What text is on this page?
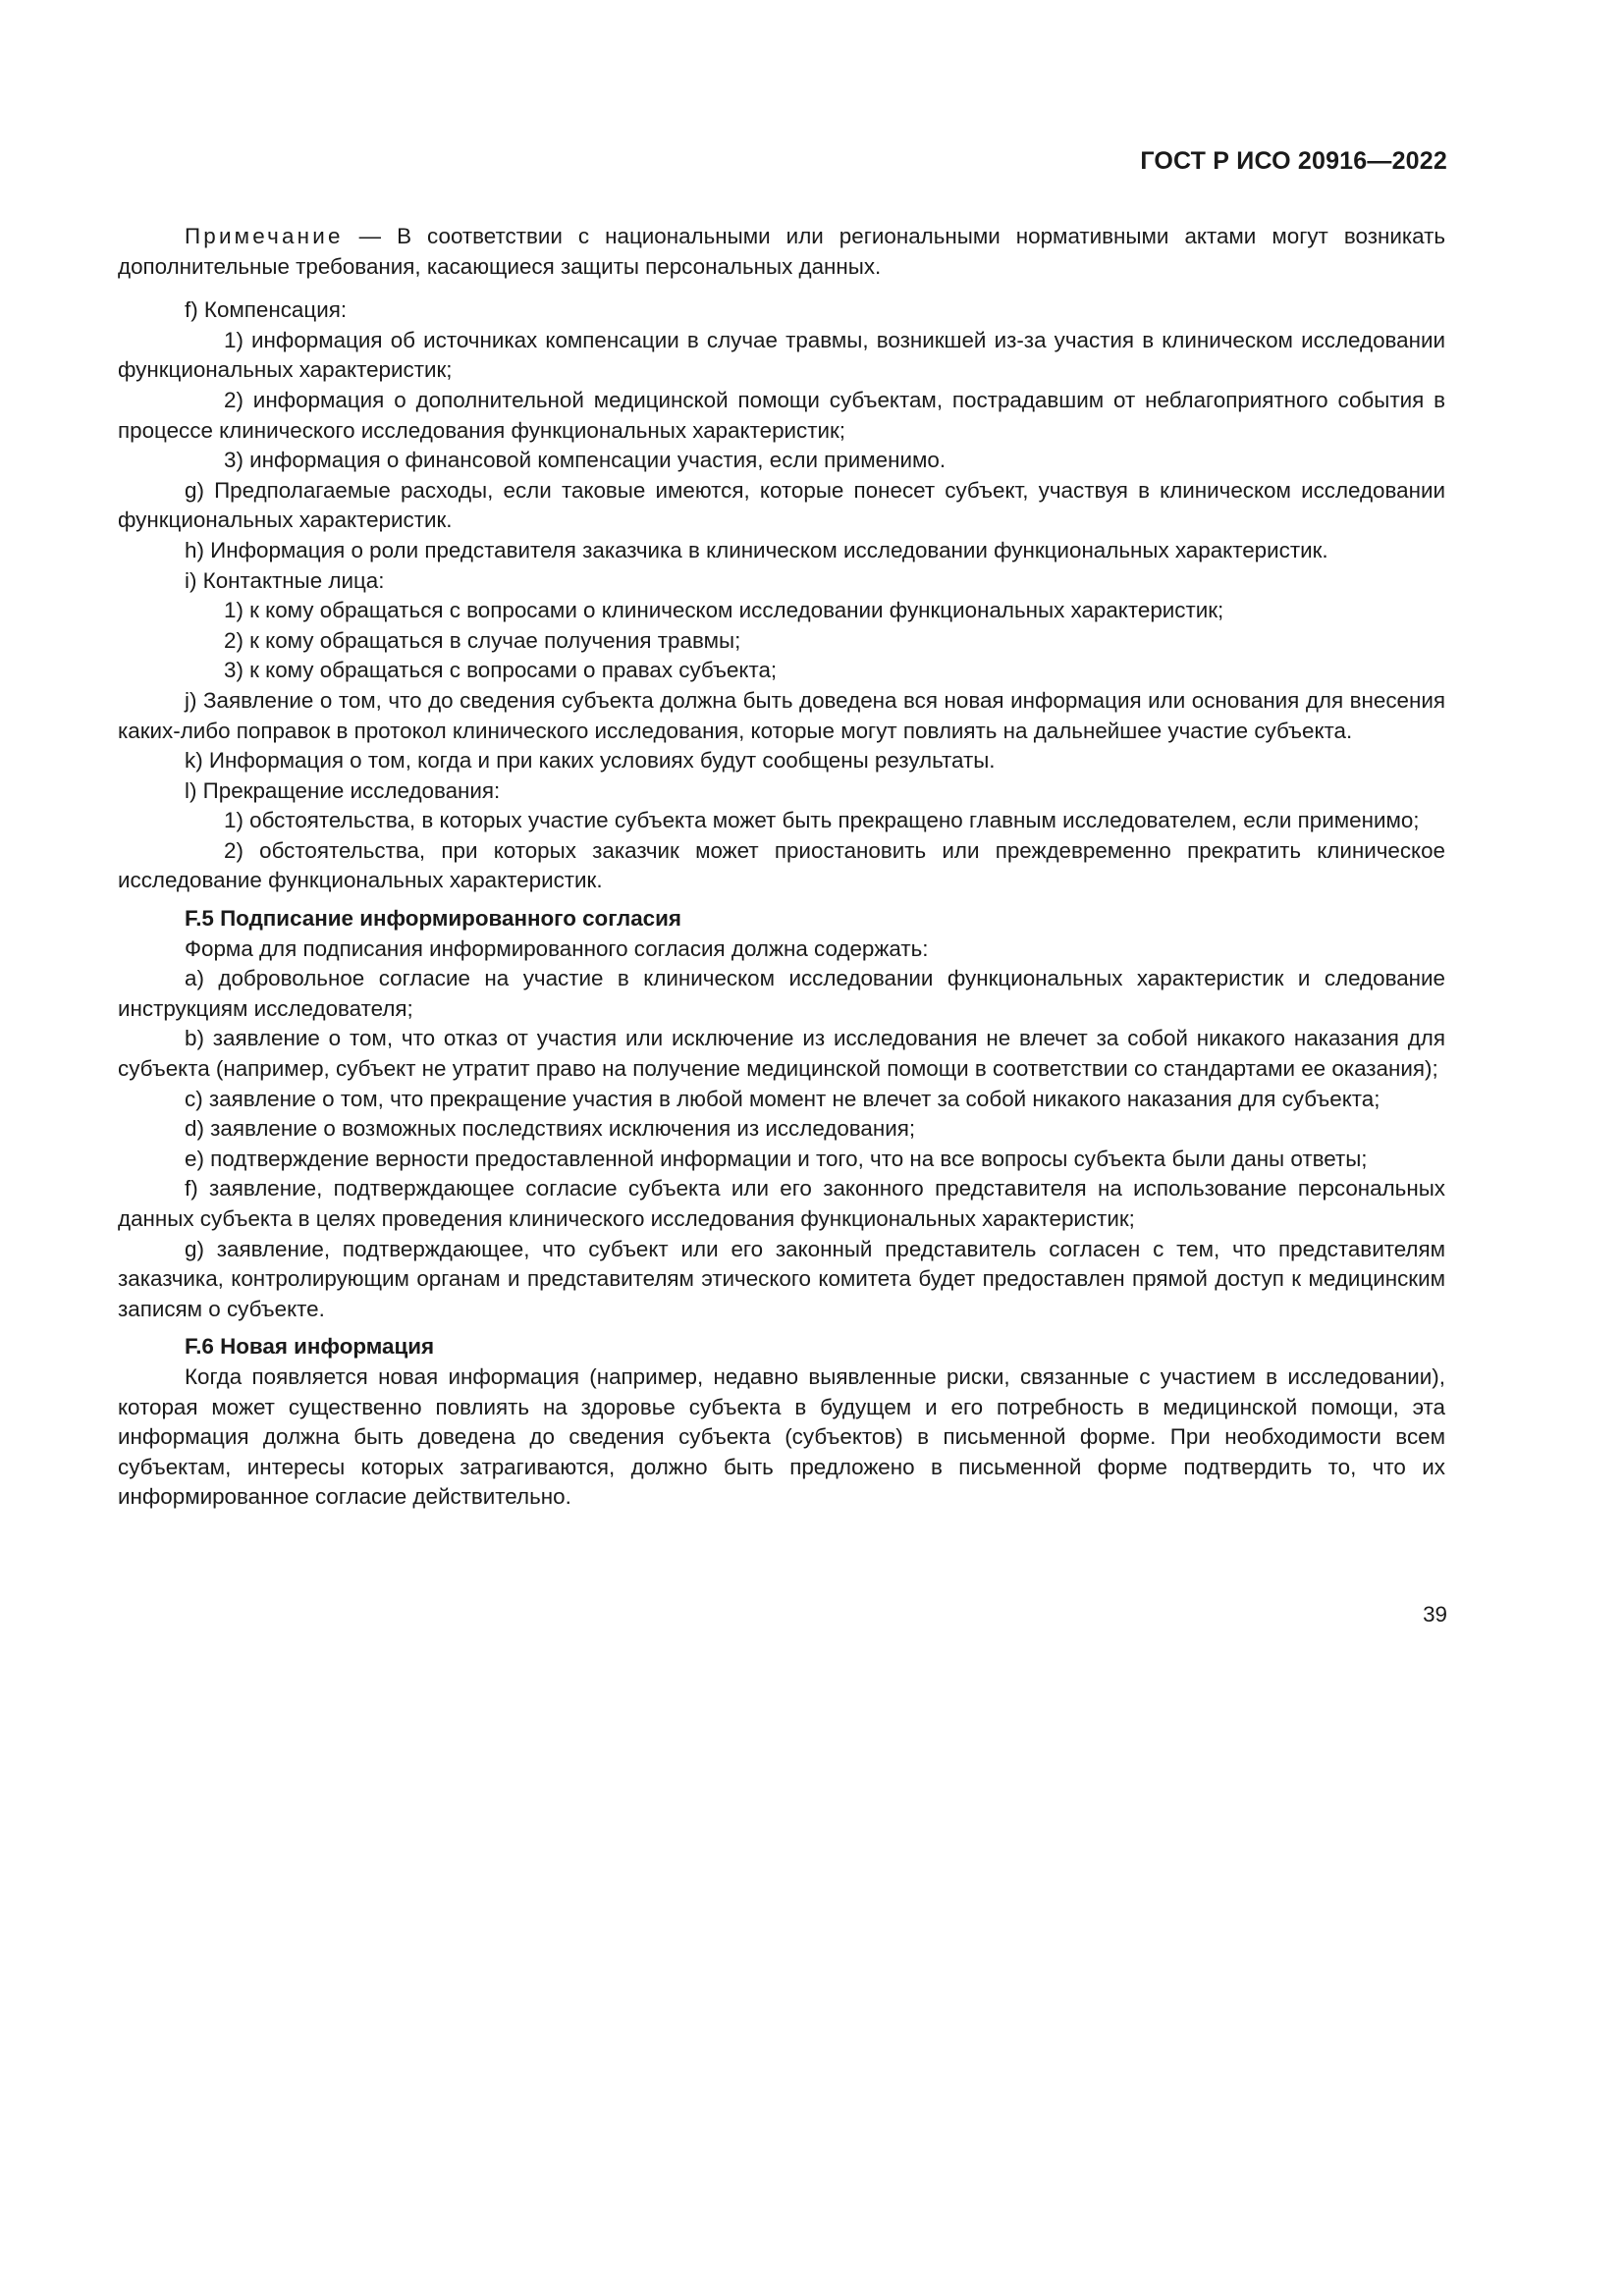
ГОСТ Р ИСО 20916—2022

Примечание — В соответствии с национальными или региональными нормативными актами могут возникать дополнительные требования, касающиеся защиты персональных данных.

f) Компенсация:

1) информация об источниках компенсации в случае травмы, возникшей из-за участия в клиническом исследовании функциональных характеристик;

2) информация о дополнительной медицинской помощи субъектам, пострадавшим от неблагоприятного события в процессе клинического исследования функциональных характеристик;

3) информация о финансовой компенсации участия, если применимо.

g) Предполагаемые расходы, если таковые имеются, которые понесет субъект, участвуя в клиническом исследовании функциональных характеристик.

h) Информация о роли представителя заказчика в клиническом исследовании функциональных характеристик.

i) Контактные лица:

1) к кому обращаться с вопросами о клиническом исследовании функциональных характеристик;

2) к кому обращаться в случае получения травмы;

3) к кому обращаться с вопросами о правах субъекта;

j) Заявление о том, что до сведения субъекта должна быть доведена вся новая информация или основания для внесения каких-либо поправок в протокол клинического исследования, которые могут повлиять на дальнейшее участие субъекта.

k) Информация о том, когда и при каких условиях будут сообщены результаты.

l) Прекращение исследования:

1) обстоятельства, в которых участие субъекта может быть прекращено главным исследователем, если применимо;

2) обстоятельства, при которых заказчик может приостановить или преждевременно прекратить клиническое исследование функциональных характеристик.

F.5 Подписание информированного согласия

Форма для подписания информированного согласия должна содержать:

а) добровольное согласие на участие в клиническом исследовании функциональных характеристик и следование инструкциям исследователя;

b) заявление о том, что отказ от участия или исключение из исследования не влечет за собой никакого наказания для субъекта (например, субъект не утратит право на получение медицинской помощи в соответствии со стандартами ее оказания);

c) заявление о том, что прекращение участия в любой момент не влечет за собой никакого наказания для субъекта;

d) заявление о возможных последствиях исключения из исследования;

e) подтверждение верности предоставленной информации и того, что на все вопросы субъекта были даны ответы;

f) заявление, подтверждающее согласие субъекта или его законного представителя на использование персональных данных субъекта в целях проведения клинического исследования функциональных характеристик;

g) заявление, подтверждающее, что субъект или его законный представитель согласен с тем, что представителям заказчика, контролирующим органам и представителям этического комитета будет предоставлен прямой доступ к медицинским записям о субъекте.

F.6 Новая информация

Когда появляется новая информация (например, недавно выявленные риски, связанные с участием в исследовании), которая может существенно повлиять на здоровье субъекта в будущем и его потребность в медицинской помощи, эта информация должна быть доведена до сведения субъекта (субъектов) в письменной форме. При необходимости всем субъектам, интересы которых затрагиваются, должно быть предложено в письменной форме подтвердить то, что их информированное согласие действительно.

39
